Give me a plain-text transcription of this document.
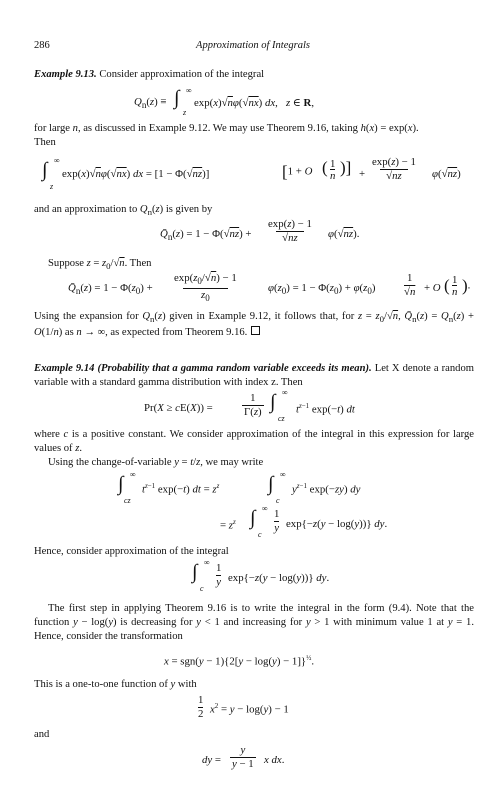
286	Approximation of Integrals
Example 9.13. Consider approximation of the integral
$Q_n(z)$ ≡ ∫ ∞
z
exp(x)√nφ(√nx) dx,   z ∈ R,
for large n, as discussed in Example 9.12. We may use Theorem 9.16, taking h(x) = exp(x).
Then
∫ ∞
z
exp(x)√nφ(√nx) dx = [1 − Φ(√nz)]	[1 + O ( 1
n )] +
exp(z) − 1
√nz	φ(√nz)
and an approximation to $Q_n(z)$ is given by
$Q̄_n(z) = 1 - \Phi(√nz)$ +
exp(z) − 1
√nz	φ(√nz).
Suppose $z = z_0/√n$. Then
$Q̄_n(z) = 1 - \Phi(z_0)$ +
$\exp(z_0/√n) - 1$
$z_0$
$\varphi(z_0) = 1 - \Phi(z_0) + \varphi(z_0)$
1
√n + O ( 1
n ).
Using the expansion for $Q_n(z)$ given in Example 9.12, it follows that, for $z = z_0/√n$, $Q̄_n(z) = Q_n(z) + O(1/n)$ as n → ∞, as expected from Theorem 9.16.
Example 9.14 (Probability that a gamma random variable exceeds its mean). Let X denote a random variable with a standard gamma distribution with index z. Then
Pr(X ≥ cE(X)) =
1
Γ(z) ∫ ∞
cz
$t^{z-1}$ exp(−t) dt
where c is a positive constant. We consider approximation of the integral in this expression for large values of z.
Using the change-of-variable y = t/z, we may write
∫ ∞
cz
$t^{z-1}$ exp(−t) dt = $z^z$ ∫ ∞
c
$y^{z-1}$ exp(−zy) dy
= $z^z$ ∫ ∞
c
1
y exp{−z(y − log(y))} dy.
Hence, consider approximation of the integral
∫ ∞
c
1
y exp{−z(y − log(y))} dy.
The first step in applying Theorem 9.16 is to write the integral in the form (9.4). Note that the function y − log(y) is decreasing for y < 1 and increasing for y > 1 with minimum value 1 at y = 1. Hence, consider the transformation
$x = sgn(y - 1)\{2[y - \log(y) - 1]\}^{\frac{1}{2}}$.
This is a one-to-one function of y with
1
2 $x^2 = y - \log(y) - 1$
and
dy =
y
y − 1 x dx.
